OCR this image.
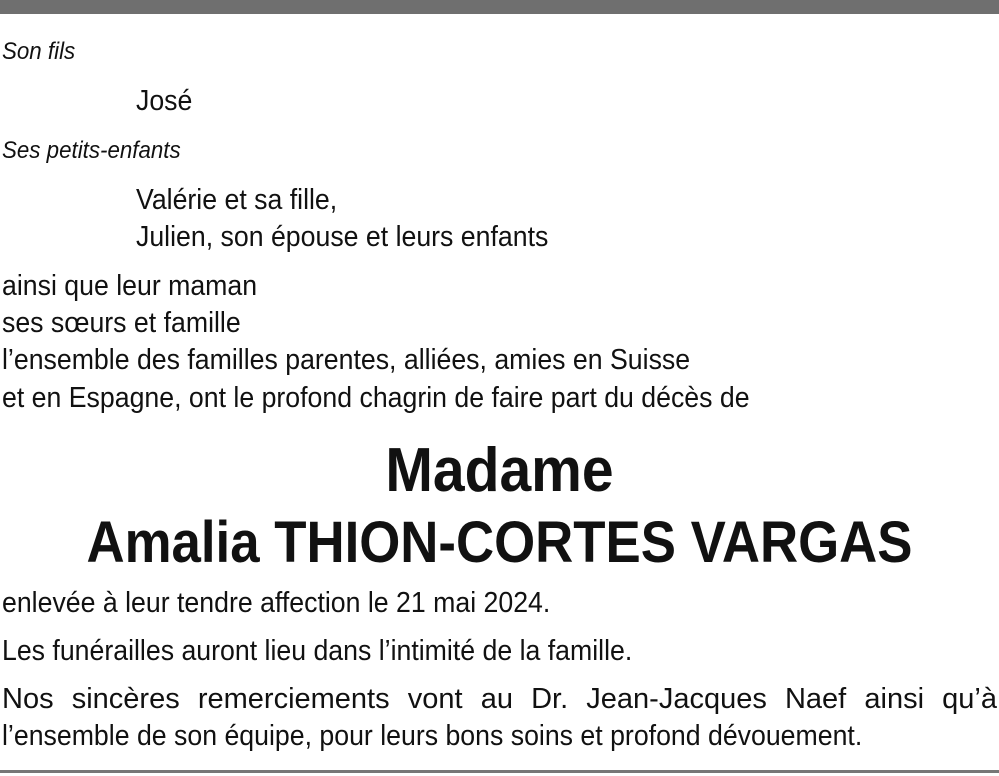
Son fils
José
Ses petits-enfants
Valérie et sa fille,
Julien, son épouse et leurs enfants
ainsi que leur maman
ses sœurs et famille
l’ensemble des familles parentes, alliées, amies en Suisse
et en Espagne, ont le profond chagrin de faire part du décès de
Madame
Amalia THION-CORTES VARGAS
enlevée à leur tendre affection le 21 mai 2024.
Les funérailles auront lieu dans l’intimité de la famille.
Nos sincères remerciements vont au Dr. Jean-Jacques Naef ainsi qu’à
l’ensemble de son équipe, pour leurs bons soins et profond dévouement.
